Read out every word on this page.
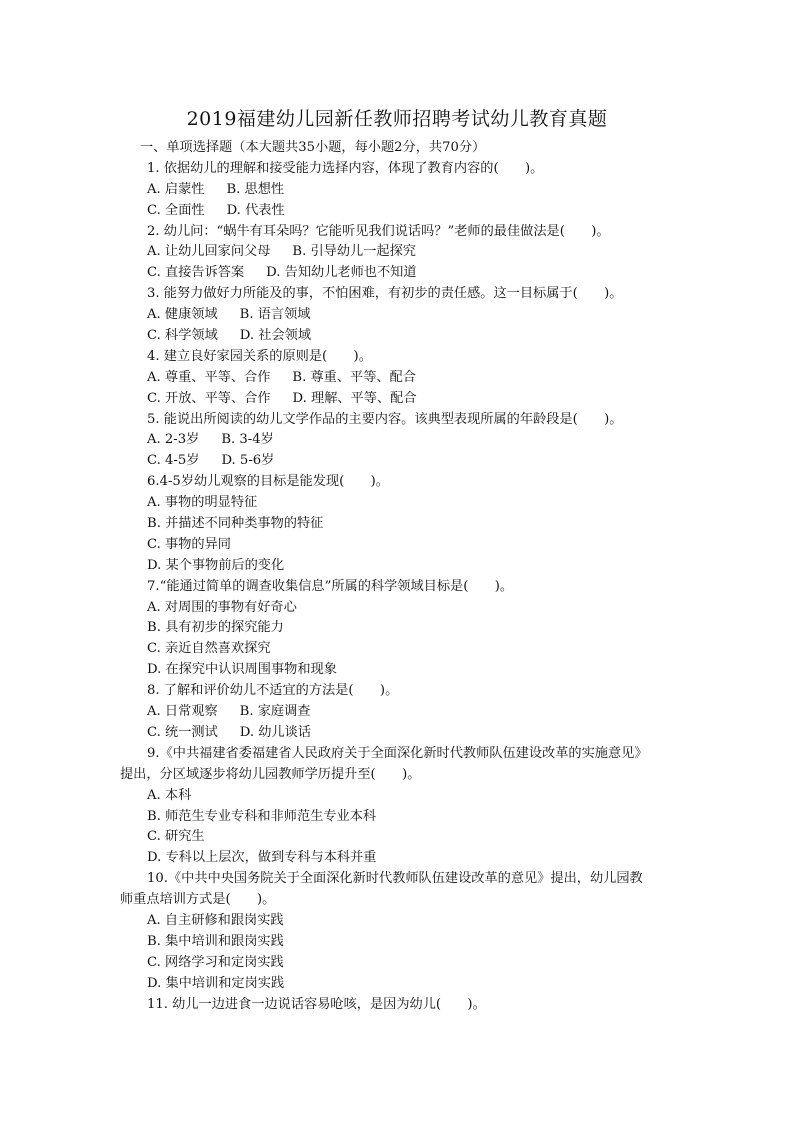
2019福建幼儿园新任教师招聘考试幼儿教育真题
一、单项选择题（本大题共35小题，每小题2分，共70分）
1. 依据幼儿的理解和接受能力选择内容，体现了教育内容的(　　)。
A. 启蒙性 B. 思想性
C. 全面性 D. 代表性
2. 幼儿问：“蜗牛有耳朵吗？它能听见我们说话吗？”老师的最佳做法是(　　)。
A. 让幼儿回家问父母 B. 引导幼儿一起探究
C. 直接告诉答案 D. 告知幼儿老师也不知道
3. 能努力做好力所能及的事，不怕困难，有初步的责任感。这一目标属于(　　)。
A. 健康领域 B. 语言领域
C. 科学领域 D. 社会领域
4. 建立良好家园关系的原则是(　　)。
A. 尊重、平等、合作 B. 尊重、平等、配合
C. 开放、平等、合作 D. 理解、平等、配合
5. 能说出所阅读的幼儿文学作品的主要内容。该典型表现所属的年龄段是(　　)。
A. 2-3岁 B. 3-4岁
C. 4-5岁 D. 5-6岁
6.4-5岁幼儿观察的目标是能发现(　　)。
A. 事物的明显特征
B. 并描述不同种类事物的特征
C. 事物的异同
D. 某个事物前后的变化
7.“能通过简单的调查收集信息”所属的科学领域目标是(　　)。
A. 对周围的事物有好奇心
B. 具有初步的探究能力
C. 亲近自然喜欢探究
D. 在探究中认识周围事物和现象
8. 了解和评价幼儿不适宜的方法是(　　)。
A. 日常观察 B. 家庭调查
C. 统一测试 D. 幼儿谈话
9.《中共福建省委福建省人民政府关于全面深化新时代教师队伍建设改革的实施意见》
提出，分区域逐步将幼儿园教师学历提升至(　　)。
A. 本科
B. 师范生专业专科和非师范生专业本科
C. 研究生
D. 专科以上层次，做到专科与本科并重
10.《中共中央国务院关于全面深化新时代教师队伍建设改革的意见》提出，幼儿园教
师重点培训方式是(　　)。
A. 自主研修和跟岗实践
B. 集中培训和跟岗实践
C. 网络学习和定岗实践
D. 集中培训和定岗实践
11. 幼儿一边进食一边说话容易呛咳，是因为幼儿(　　)。
